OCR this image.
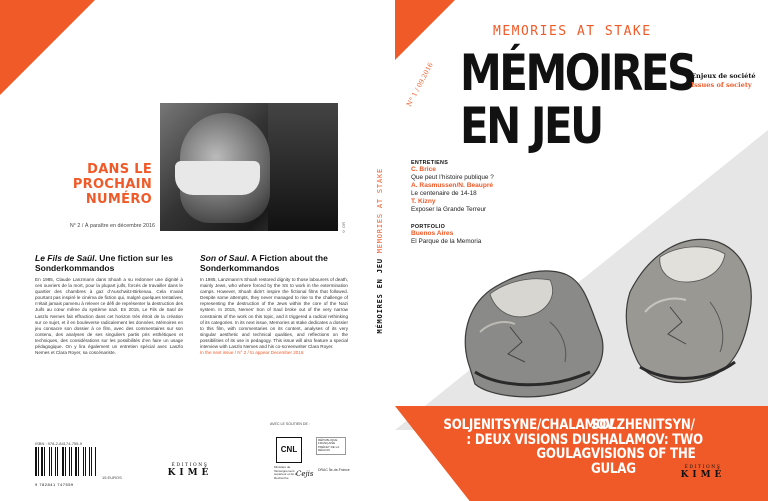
© DR
DANS LE PROCHAIN NUMÉRO
N° 2 / À paraître en décembre 2016
Le Fils de Saül. Une fiction sur les Sonderkommandos

En 1985, Claude Lanzmann dans Shoah a su redonner une dignité à ces ouvriers de la mort, pour la plupart juifs, forcés de travailler dans le quartier des chambres à gaz d’Auschwitz-Birkenau. Cela n’avait pourtant pas inspiré le cinéma de fiction qui, malgré quelques tentatives, n’était jamais parvenu à relever ce défi de représenter la destruction des Juifs au cœur même du système nazi. En 2015, Le Fils de Saül de Laszlo Nemes fait effraction dans cet horizon très étroit de la création sur ce sujet, et il en bouleverse radicalement les données. Mémoires en jeu consacre son dossier à ce film, avec des commentaires sur son contenu, des analyses de ses singuliers partis pris esthétiques et techniques, des considérations sur les possibilités d’en faire un usage pédagogique. On y lira également un entretien spécial avec Laszlo Nemes et Clara Royer, sa coscénariste.

Son of Saul. A Fiction about the Sonderkommandos

In 1985, Lanzmann’s Shoah restored dignity to those labourers of death, mainly Jews, who where forced by the SS to work in the extermination camps. However, Shoah didn’t inspire the fictional films that followed. Despite some attempts, they never managed to rise to the challenge of representing the destruction of the Jews within the core of the Nazi system. In 2015, Nemes’ Son of Saul broke out of the very narrow constraints of the work on this topic, and it triggered a radical rethinking of its categories. In its next issue, Memories at stake dedicates a dossier to this film, with commentaries on its content, analyses of its very singular aesthetic and technical qualities, and reflections on the possibilities of its use in pedagogy. This issue will also feature a special interview with Laszlo Nemes and his co-screenwriter Clara Royer.

In the next issue / N° 2 / to appear December 2016

AVEC LE SOUTIEN DE :
CNL
RÉPUBLIQUE FRANÇAISE PRÉFET DE LA RÉGION
Ministère de l’Enseignement supérieur et de la Recherche	Cejis DRAC Île-de-France
ISBN : 978-2-84174-755-9
9 782841 747559
15 EUROS
ÉDITIONS
KIMÉ
MÉMOIRES EN JEU MEMORIES AT STAKE
MEMORIES AT STAKE
MÉMOIRES
EN JEU
N° 1 / 09.2016	Enjeux de société
Issues of society
ENTRETIENS
C. Brice
Que peut l’histoire publique ?
A. Rasmussen/N. Beaupré
Le centenaire de 14-18
T. Kizny
Exposer la Grande Terreur
PORTFOLIO
Buenos Aires
El Parque de la Memoria
SOLJENITSYNE/CHALAMOV : DEUX VISIONS DU GOULAG
SOLZHENITSYN/ SHALAMOV: TWO VISIONS OF THE GULAG	ÉDITIONS
KIMÉ
